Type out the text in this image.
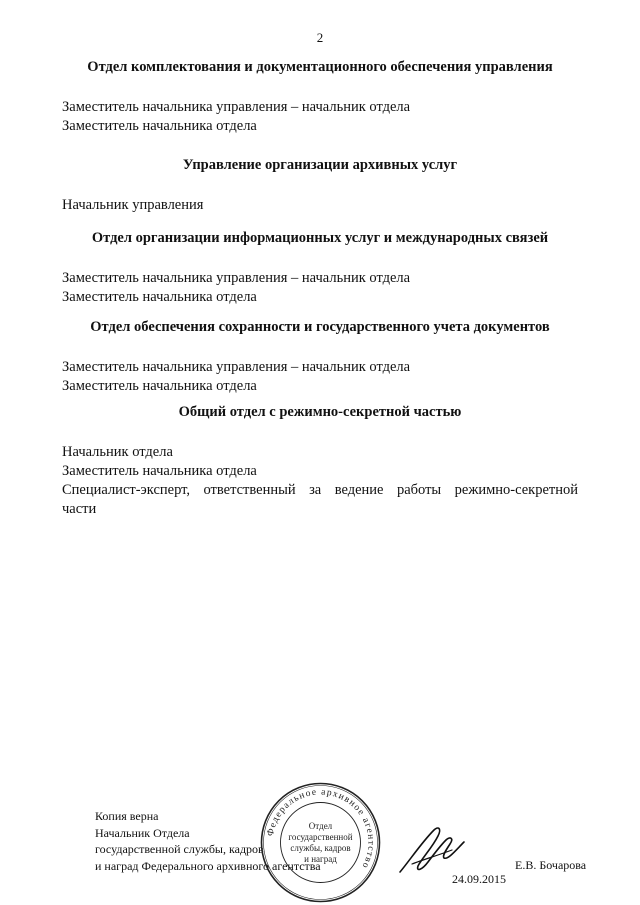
2
Отдел комплектования и документационного обеспечения управления
Заместитель начальника управления – начальник отдела
Заместитель начальника отдела
Управление организации архивных услуг
Начальник управления
Отдел организации информационных услуг и международных связей
Заместитель начальника управления – начальник отдела
Заместитель начальника отдела
Отдел обеспечения сохранности и государственного учета документов
Заместитель начальника управления – начальник отдела
Заместитель начальника отдела
Общий отдел с режимно-секретной частью
Начальник отдела
Заместитель начальника отдела
Специалист-эксперт, ответственный за ведение работы режимно-секретной
части
Копия верна
Начальник Отдела
государственной службы, кадров
и наград Федерального архивного агентства
Федеральное архивное агентство
Отдел
государственной
службы, кадров
и наград
24.09.2015
Е.В. Бочарова
